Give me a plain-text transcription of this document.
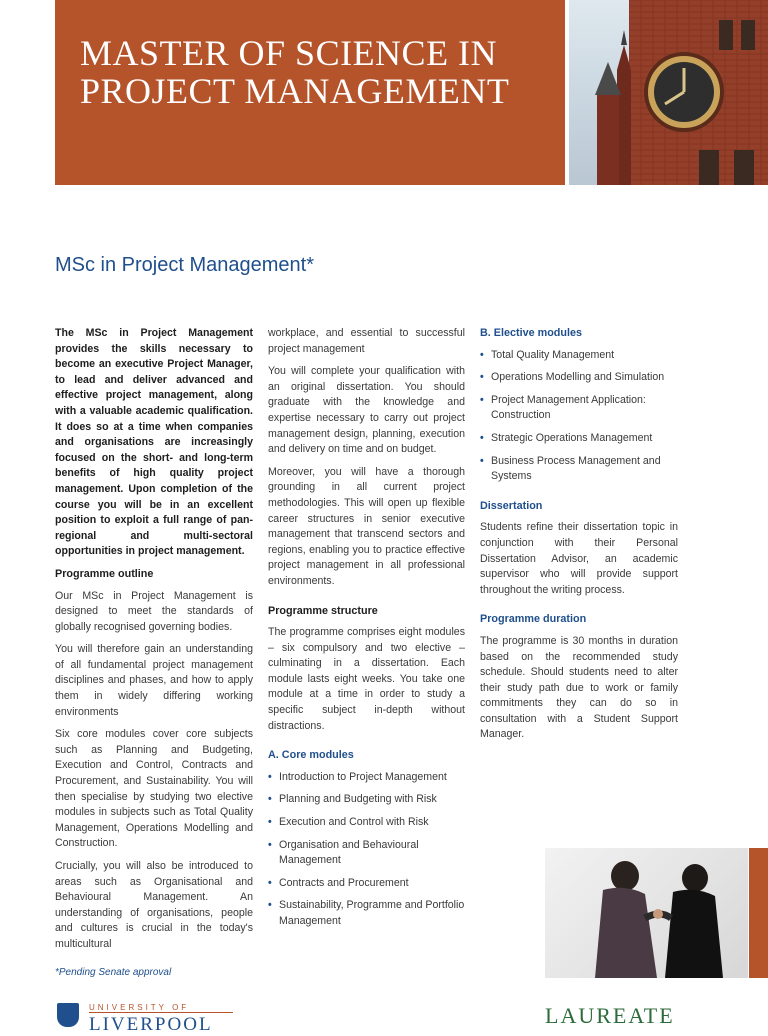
MASTER OF SCIENCE IN
PROJECT MANAGEMENT
MSc in Project Management*

The MSc in Project Management provides the skills necessary to become an executive Project Manager, to lead and deliver advanced and effective project management, along with a valuable academic qualification. It does so at a time when companies and organisations are increasingly focused on the short- and long-term benefits of high quality project management. Upon completion of the course you will be in an excellent position to exploit a full range of pan-regional and multi-sectoral opportunities in project management.

Programme outline

Our MSc in Project Management is designed to meet the standards of globally recognised governing bodies.

You will therefore gain an understanding of all fundamental project management disciplines and phases, and how to apply them in widely differing working environments

Six core modules cover core subjects such as Planning and Budgeting, Execution and Control, Contracts and Procurement, and Sustainability. You will then specialise by studying two elective modules in subjects such as Total Quality Management, Operations Modelling and Construction.

Crucially, you will also be introduced to areas such as Organisational and Behavioural Management. An understanding of organisations, people and cultures is crucial in the today's multicultural

workplace, and essential to successful project management

You will complete your qualification with an original dissertation. You should graduate with the knowledge and expertise necessary to carry out project management design, planning, execution and delivery on time and on budget.

Moreover, you will have a thorough grounding in all current project methodologies. This will open up flexible career structures in senior executive management that transcend sectors and regions, enabling you to practice effective project management in all professional environments.

Programme structure

The programme comprises eight modules – six compulsory and two elective – culminating in a dissertation. Each module lasts eight weeks. You take one module at a time in order to study a specific subject in-depth without distractions.

A. Core modules
• Introduction to Project Management
• Planning and Budgeting with Risk
• Execution and Control with Risk
• Organisation and Behavioural Management
• Contracts and Procurement
• Sustainability, Programme and Portfolio Management
B. Elective modules
• Total Quality Management
• Operations Modelling and Simulation
• Project Management Application: Construction
• Strategic Operations Management
• Business Process Management and Systems
Dissertation

Students refine their dissertation topic in conjunction with their Personal Dissertation Advisor, an academic supervisor who will provide support throughout the writing process.

Programme duration

The programme is 30 months in duration based on the recommended study schedule. Should students need to alter their study path due to work or family commitments they can do so in consultation with a Student Support Manager.

*Pending Senate approval
UNIVERSITY OF
LIVERPOOL	LAUREATE
